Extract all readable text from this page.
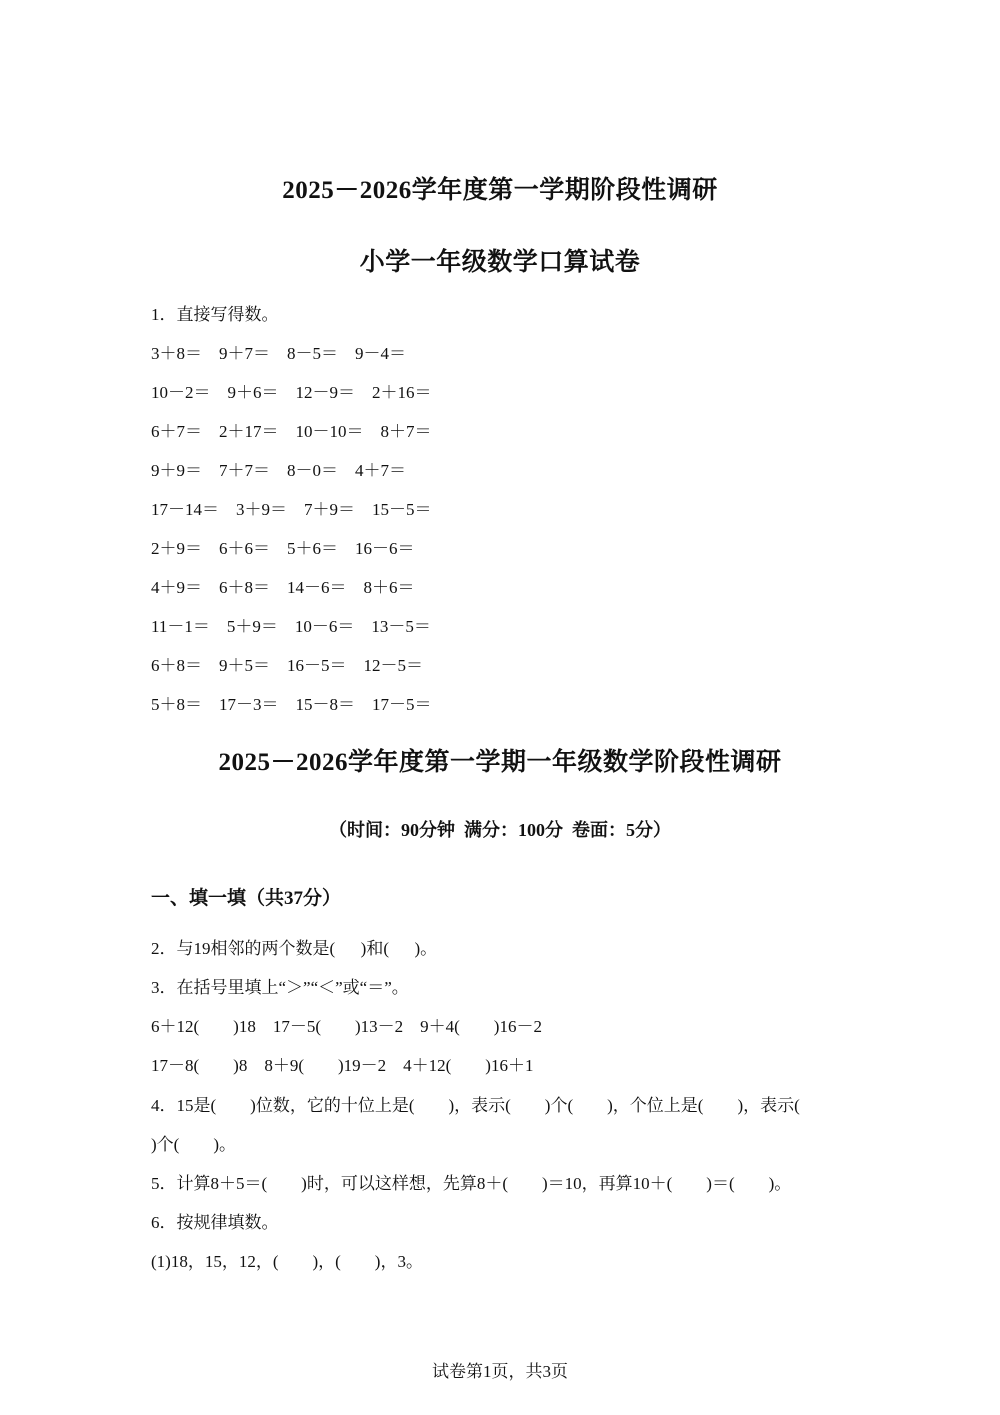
2025－2026学年度第一学期阶段性调研
小学一年级数学口算试卷
1．直接写得数。
3＋8＝    9＋7＝    8－5＝    9－4＝
10－2＝    9＋6＝    12－9＝    2＋16＝
6＋7＝    2＋17＝    10－10＝    8＋7＝
9＋9＝    7＋7＝    8－0＝    4＋7＝
17－14＝    3＋9＝    7＋9＝    15－5＝
2＋9＝    6＋6＝    5＋6＝    16－6＝
4＋9＝    6＋8＝    14－6＝    8＋6＝
11－1＝    5＋9＝    10－6＝    13－5＝
6＋8＝    9＋5＝    16－5＝    12－5＝
5＋8＝    17－3＝    15－8＝    17－5＝
2025－2026学年度第一学期一年级数学阶段性调研
（时间：90分钟  满分：100分  卷面：5分）
一、填一填（共37分）
2．与19相邻的两个数是(      )和(      )。
3．在括号里填上“＞”“＜”或“＝”。
6＋12(        )18    17－5(        )13－2    9＋4(        )16－2
17－8(        )8    8＋9(        )19－2    4＋12(        )16＋1
4．15是(        )位数，它的十位上是(        )，表示(        )个(        )，个位上是(        )，表示(
)个(        )。
5．计算8＋5＝(        )时，可以这样想，先算8＋(        )＝10，再算10＋(        )＝(        )。
6．按规律填数。
(1)18，15，12，(        )，(        )，3。
试卷第1页，共3页
